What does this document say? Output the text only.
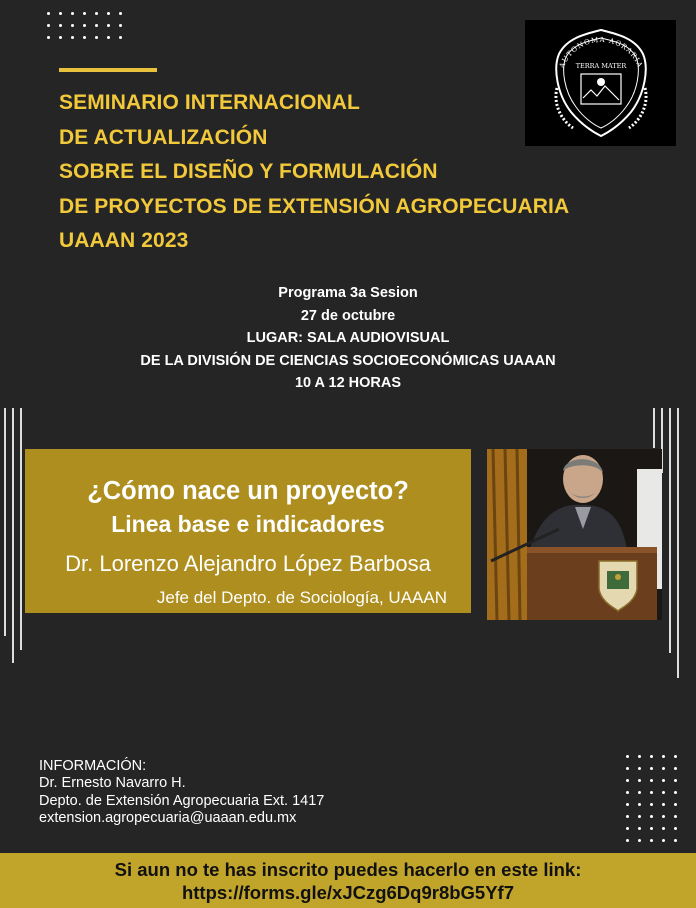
SEMINARIO INTERNACIONAL
DE ACTUALIZACIÓN
SOBRE EL DISEÑO Y FORMULACIÓN
DE PROYECTOS DE EXTENSIÓN AGROPECUARIA
UAAAN 2023
AUTONOMA AGRARIA
TERRA MATER
Programa 3a Sesion
27 de octubre
LUGAR: SALA AUDIOVISUAL
DE LA DIVISIÓN DE CIENCIAS SOCIOECONÓMICAS UAAAN
10 A 12 HORAS
¿Cómo nace un proyecto?
Linea base e indicadores
Dr. Lorenzo Alejandro López Barbosa
Jefe del Depto. de Sociología, UAAAN
INFORMACIÓN:
Dr. Ernesto Navarro H.
Depto. de Extensión Agropecuaria Ext. 1417
extension.agropecuaria@uaaan.edu.mx
Si aun no te has inscrito puedes hacerlo en este link:
https://forms.gle/xJCzg6Dq9r8bG5Yf7
